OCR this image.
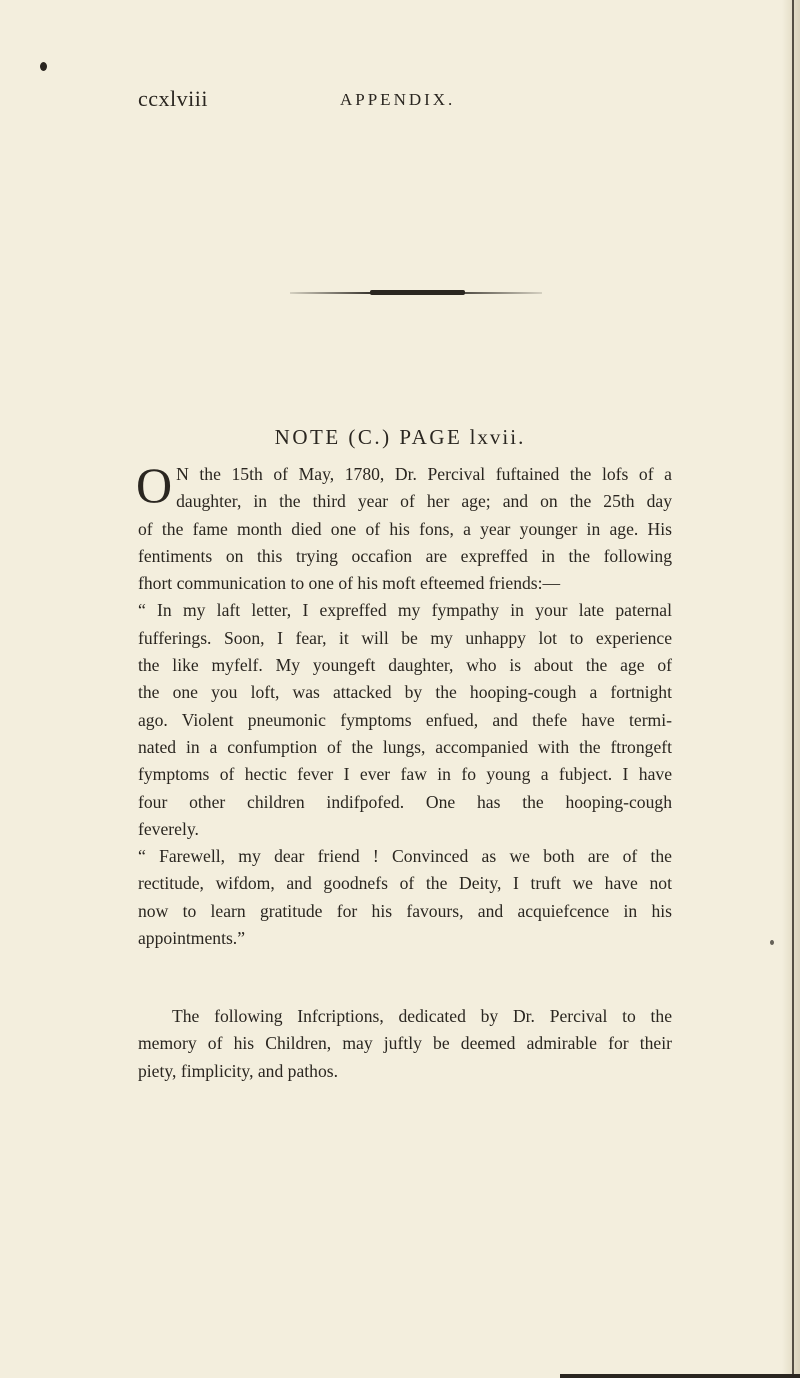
ccxlviii	APPENDIX.
NOTE (C.) PAGE lxvii.

O N the 15th of May, 1780, Dr. Percival fuftained the lofs of a
daughter, in the third year of her age; and on the 25th day
of the fame month died one of his fons, a year younger in age. His
fentiments on this trying occafion are expreffed in the following
fhort communication to one of his moft efteemed friends:—

“ In my laft letter, I expreffed my fympathy in your late paternal
fufferings. Soon, I fear, it will be my unhappy lot to experience
the like myfelf. My youngeft daughter, who is about the age of
the one you loft, was attacked by the hooping-cough a fortnight
ago. Violent pneumonic fymptoms enfued, and thefe have termi-
nated in a confumption of the lungs, accompanied with the ftrongeft
fymptoms of hectic fever I ever faw in fo young a fubject. I have
four other children indifpofed. One has the hooping-cough
feverely.

“ Farewell, my dear friend ! Convinced as we both are of the
rectitude, wifdom, and goodnefs of the Deity, I truft we have not
now to learn gratitude for his favours, and acquiefcence in his
appointments.”

The following Infcriptions, dedicated by Dr. Percival to the
memory of his Children, may juftly be deemed admirable for their
piety, fimplicity, and pathos.
